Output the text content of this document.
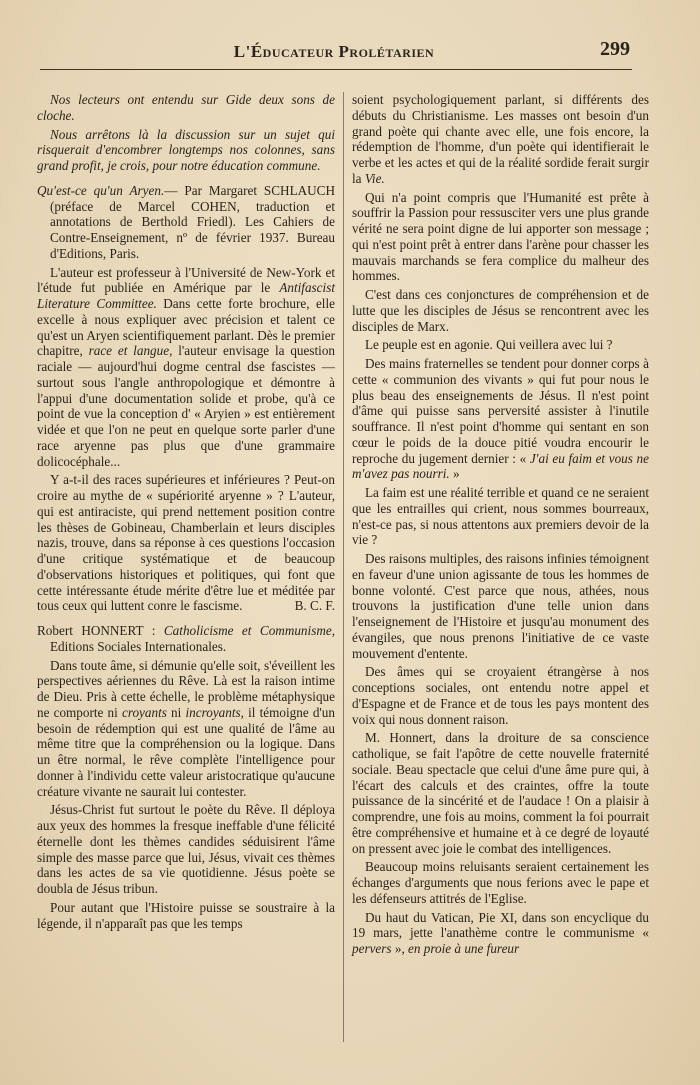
L'Éducateur Prolétarien	299

Nos lecteurs ont entendu sur Gide deux sons de cloche.

Nous arrêtons là la discussion sur un sujet qui risquerait d'encombrer longtemps nos colonnes, sans grand profit, je crois, pour notre éducation commune.

Qu'est-ce qu'un Aryen.— Par Margaret SCHLAUCH (préface de Marcel COHEN, traduction et annotations de Berthold Friedl). Les Cahiers de Contre-Enseignement, nº de février 1937. Bureau d'Editions, Paris.

L'auteur est professeur à l'Université de New-York et l'étude fut publiée en Amérique par le Antifascist Literature Committee. Dans cette forte brochure, elle excelle à nous expliquer avec précision et talent ce qu'est un Aryen scientifiquement parlant. Dès le premier chapitre, race et langue, l'auteur envisage la question raciale — aujourd'hui dogme central dse fascistes — surtout sous l'angle anthropologique et démontre à l'appui d'une documentation solide et probe, qu'à ce point de vue la conception d' « Aryien » est entièrement vidée et que l'on ne peut en quelque sorte parler d'une race aryenne pas plus que d'une grammaire dolicocéphale...

Y a-t-il des races supérieures et inférieures ? Peut-on croire au mythe de « supériorité aryenne » ? L'auteur, qui est antiraciste, qui prend nettement position contre les thèses de Gobineau, Chamberlain et leurs disciples nazis, trouve, dans sa réponse à ces questions l'occasion d'une critique systématique et de beaucoup d'observations historiques et politiques, qui font que cette intéressante étude mérite d'être lue et méditée par tous ceux qui luttent conre le fascisme.	B. C. F.

Robert HONNERT : Catholicisme et Communisme, Editions Sociales Internationales.

Dans toute âme, si démunie qu'elle soit, s'éveillent les perspectives aériennes du Rêve. Là est la raison intime de Dieu. Pris à cette échelle, le problème métaphysique ne comporte ni croyants ni incroyants, il témoigne d'un besoin de rédemption qui est une qualité de l'âme au même titre que la compréhension ou la logique. Dans un être normal, le rêve complète l'intelligence pour donner à l'individu cette valeur aristocratique qu'aucune créature vivante ne saurait lui contester.

Jésus-Christ fut surtout le poète du Rêve. Il déploya aux yeux des hommes la fresque ineffable d'une félicité éternelle dont les thèmes candides séduisirent l'âme simple des masse parce que lui, Jésus, vivait ces thèmes dans les actes de sa vie quotidienne. Jésus poète se doubla de Jésus tribun.

Pour autant que l'Histoire puisse se soustraire à la légende, il n'apparaît pas que les temps

soient psychologiquement parlant, si différents des débuts du Christianisme. Les masses ont besoin d'un grand poète qui chante avec elle, une fois encore, la rédemption de l'homme, d'un poète qui identifierait le verbe et les actes et qui de la réalité sordide ferait surgir la Vie.

Qui n'a point compris que l'Humanité est prête à souffrir la Passion pour ressusciter vers une plus grande vérité ne sera point digne de lui apporter son message ; qui n'est point prêt à entrer dans l'arène pour chasser les mauvais marchands se fera complice du malheur des hommes.

C'est dans ces conjonctures de compréhension et de lutte que les disciples de Jésus se rencontrent avec les disciples de Marx.

Le peuple est en agonie. Qui veillera avec lui ?

Des mains fraternelles se tendent pour donner corps à cette « communion des vivants » qui fut pour nous le plus beau des enseignements de Jésus. Il n'est point d'âme qui puisse sans perversité assister à l'inutile souffrance. Il n'est point d'homme qui sentant en son cœur le poids de la douce pitié voudra encourir le reproche du jugement dernier : « J'ai eu faim et vous ne m'avez pas nourri. »

La faim est une réalité terrible et quand ce ne seraient que les entrailles qui crient, nous sommes bourreaux, n'est-ce pas, si nous attentons aux premiers devoir de la vie ?

Des raisons multiples, des raisons infinies témoignent en faveur d'une union agissante de tous les hommes de bonne volonté. C'est parce que nous, athées, nous trouvons la justification d'une telle union dans l'enseignement de l'Histoire et jusqu'au monument des évangiles, que nous prenons l'initiative de ce vaste mouvement d'entente.

Des âmes qui se croyaient étrangèrse à nos conceptions sociales, ont entendu notre appel et d'Espagne et de France et de tous les pays montent des voix qui nous donnent raison.

M. Honnert, dans la droiture de sa conscience catholique, se fait l'apôtre de cette nouvelle fraternité sociale. Beau spectacle que celui d'une âme pure qui, à l'écart des calculs et des craintes, offre la toute puissance de la sincérité et de l'audace ! On a plaisir à comprendre, une fois au moins, comment la foi pourrait être compréhensive et humaine et à ce degré de loyauté on pressent avec joie le combat des intelligences.

Beaucoup moins reluisants seraient certainement les échanges d'arguments que nous ferions avec le pape et les défenseurs attitrés de l'Eglise.

Du haut du Vatican, Pie XI, dans son encyclique du 19 mars, jette l'anathème contre le communisme « pervers », en proie à une fureur
